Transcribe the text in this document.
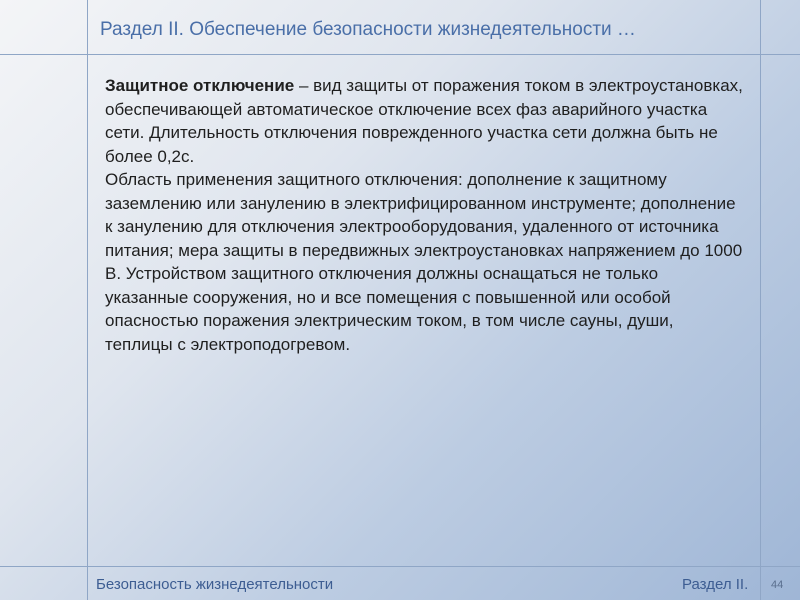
Раздел II. Обеспечение безопасности жизнедеятельности …

Защитное отключение – вид защиты от поражения током в электроустановках, обеспечивающей автоматическое отключение всех фаз аварийного участка сети. Длительность отключения поврежденного участка сети должна быть не более 0,2с.

Область применения защитного отключения: дополнение к защитному заземлению или занулению в электрифицированном инструменте; дополнение к занулению для отключения электрооборудования, удаленного от источника питания; мера защиты в передвижных электроустановках напряжением до 1000 В. Устройством защитного отключения должны оснащаться не только указанные сооружения, но и все помещения с повышенной или особой опасностью поражения электрическим током, в том числе сауны, души, теплицы с электроподогревом.

Безопасность жизнедеятельности	Раздел II. 44
